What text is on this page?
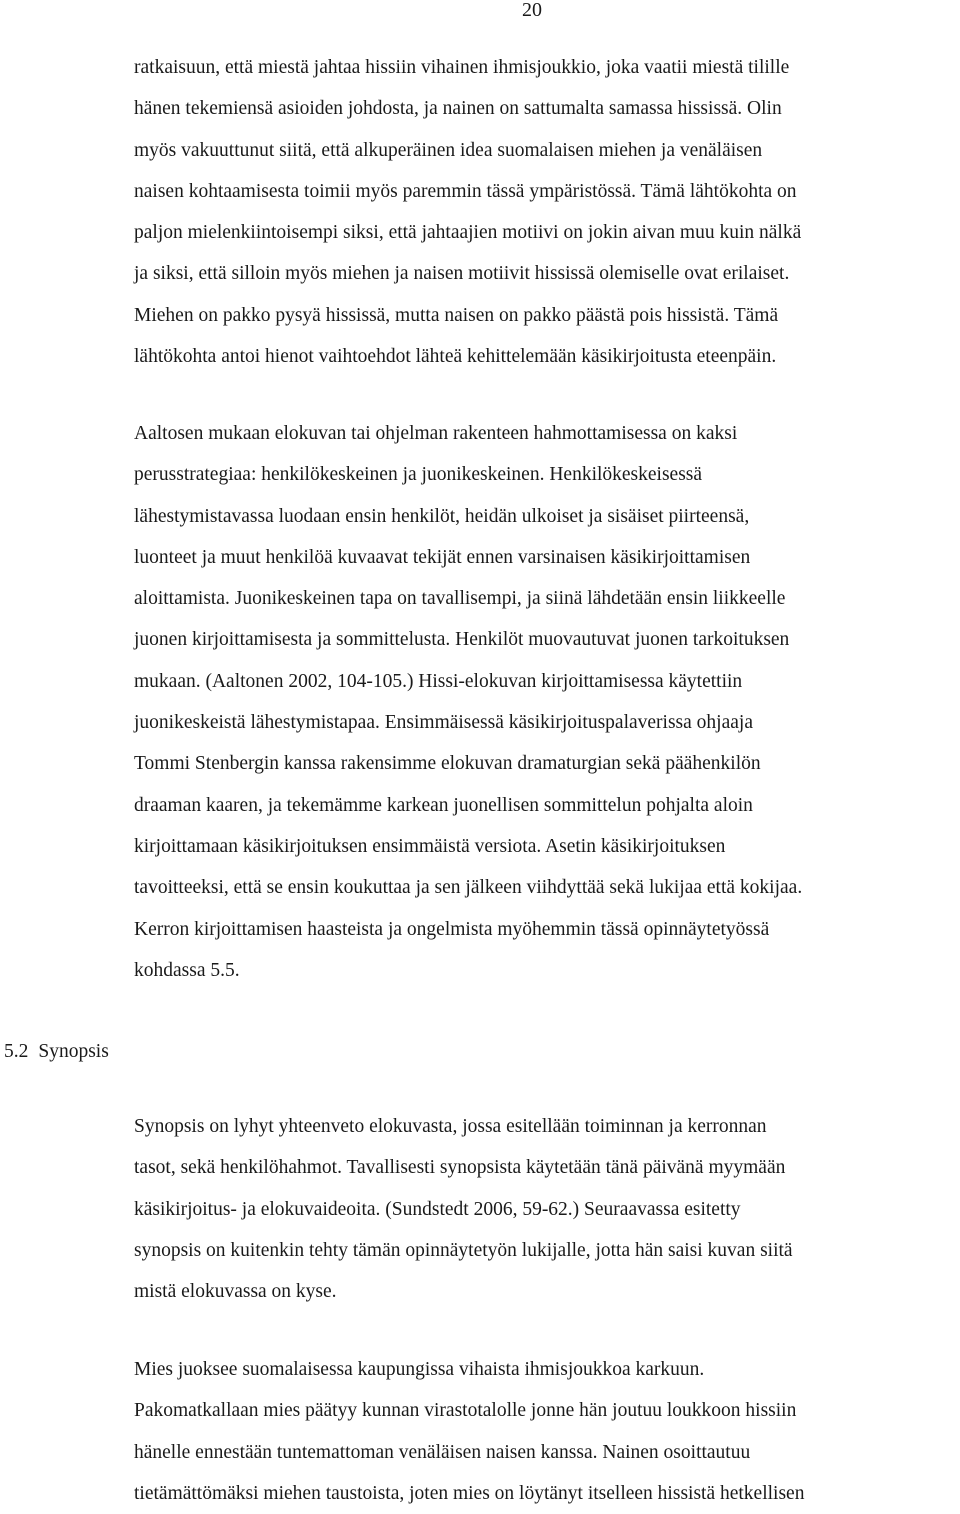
20
ratkaisuun, että miestä jahtaa hissiin vihainen ihmisjoukkio, joka vaatii miestä tilille
hänen tekemiensä asioiden johdosta, ja nainen on sattumalta samassa hississä. Olin
myös vakuuttunut siitä, että alkuperäinen idea suomalaisen miehen ja venäläisen
naisen kohtaamisesta toimii myös paremmin tässä ympäristössä. Tämä lähtökohta on
paljon mielenkiintoisempi siksi, että jahtaajien motiivi on jokin aivan muu kuin nälkä
ja siksi, että silloin myös miehen ja naisen motiivit hississä olemiselle ovat erilaiset.
Miehen on pakko pysyä hississä, mutta naisen on pakko päästä pois hissistä. Tämä
lähtökohta antoi hienot vaihtoehdot lähteä kehittelemään käsikirjoitusta eteenpäin.
Aaltosen mukaan elokuvan tai ohjelman rakenteen hahmottamisessa on kaksi
perusstrategiaa: henkilökeskeinen ja juonikeskeinen. Henkilökeskeisessä
lähestymistavassa luodaan ensin henkilöt, heidän ulkoiset ja sisäiset piirteensä,
luonteet ja muut henkilöä kuvaavat tekijät ennen varsinaisen käsikirjoittamisen
aloittamista. Juonikeskeinen tapa on tavallisempi, ja siinä lähdetään ensin liikkeelle
juonen kirjoittamisesta ja sommittelusta. Henkilöt muovautuvat juonen tarkoituksen
mukaan. (Aaltonen 2002, 104-105.) Hissi-elokuvan kirjoittamisessa käytettiin
juonikeskeistä lähestymistapaa. Ensimmäisessä käsikirjoituspalaverissa ohjaaja
Tommi Stenbergin kanssa rakensimme elokuvan dramaturgian sekä päähenkilön
draaman kaaren, ja tekemämme karkean juonellisen sommittelun pohjalta aloin
kirjoittamaan käsikirjoituksen ensimmäistä versiota. Asetin käsikirjoituksen
tavoitteeksi, että se ensin koukuttaa ja sen jälkeen viihdyttää sekä lukijaa että kokijaa.
Kerron kirjoittamisen haasteista ja ongelmista myöhemmin tässä opinnäytetyössä
kohdassa 5.5.
5.2 Synopsis
Synopsis on lyhyt yhteenveto elokuvasta, jossa esitellään toiminnan ja kerronnan
tasot, sekä henkilöhahmot. Tavallisesti synopsista käytetään tänä päivänä myymään
käsikirjoitus- ja elokuvaideoita. (Sundstedt 2006, 59-62.) Seuraavassa esitetty
synopsis on kuitenkin tehty tämän opinnäytetyön lukijalle, jotta hän saisi kuvan siitä
mistä elokuvassa on kyse.
Mies juoksee suomalaisessa kaupungissa vihaista ihmisjoukkoa karkuun.
Pakomatkallaan mies päätyy kunnan virastotalolle jonne hän joutuu loukkoon hissiin
hänelle ennestään tuntemattoman venäläisen naisen kanssa. Nainen osoittautuu
tietämättömäksi miehen taustoista, joten mies on löytänyt itselleen hissistä hetkellisen
